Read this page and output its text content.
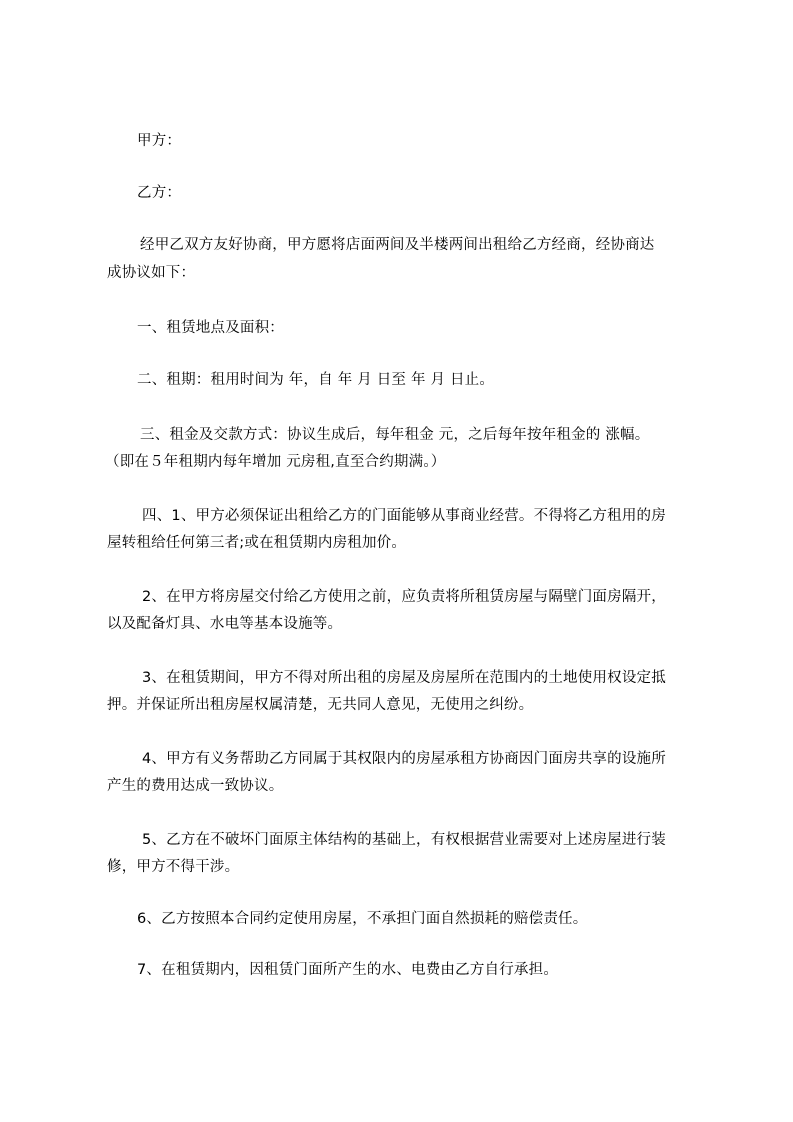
甲方：

乙方：

经甲乙双方友好协商，甲方愿将店面两间及半楼两间出租给乙方经商，经协商达

成协议如下：

一、租赁地点及面积：

二、租期：租用时间为 年，自 年 月 日至 年 月 日止。

三、租金及交款方式：协议生成后，每年租金 元，之后每年按年租金的 涨幅。

（即在５年租期内每年增加 元房租,直至合约期满。）

四、1、甲方必须保证出租给乙方的门面能够从事商业经营。不得将乙方租用的房

屋转租给任何第三者;或在租赁期内房租加价。

2、在甲方将房屋交付给乙方使用之前，应负责将所租赁房屋与隔壁门面房隔开，

以及配备灯具、水电等基本设施等。

3、在租赁期间，甲方不得对所出租的房屋及房屋所在范围内的土地使用权设定抵

押。并保证所出租房屋权属清楚，无共同人意见，无使用之纠纷。

4、甲方有义务帮助乙方同属于其权限内的房屋承租方协商因门面房共享的设施所

产生的费用达成一致协议。

5、乙方在不破坏门面原主体结构的基础上，有权根据营业需要对上述房屋进行装

修，甲方不得干涉。

6、乙方按照本合同约定使用房屋，不承担门面自然损耗的赔偿责任。

7、在租赁期内，因租赁门面所产生的水、电费由乙方自行承担。
